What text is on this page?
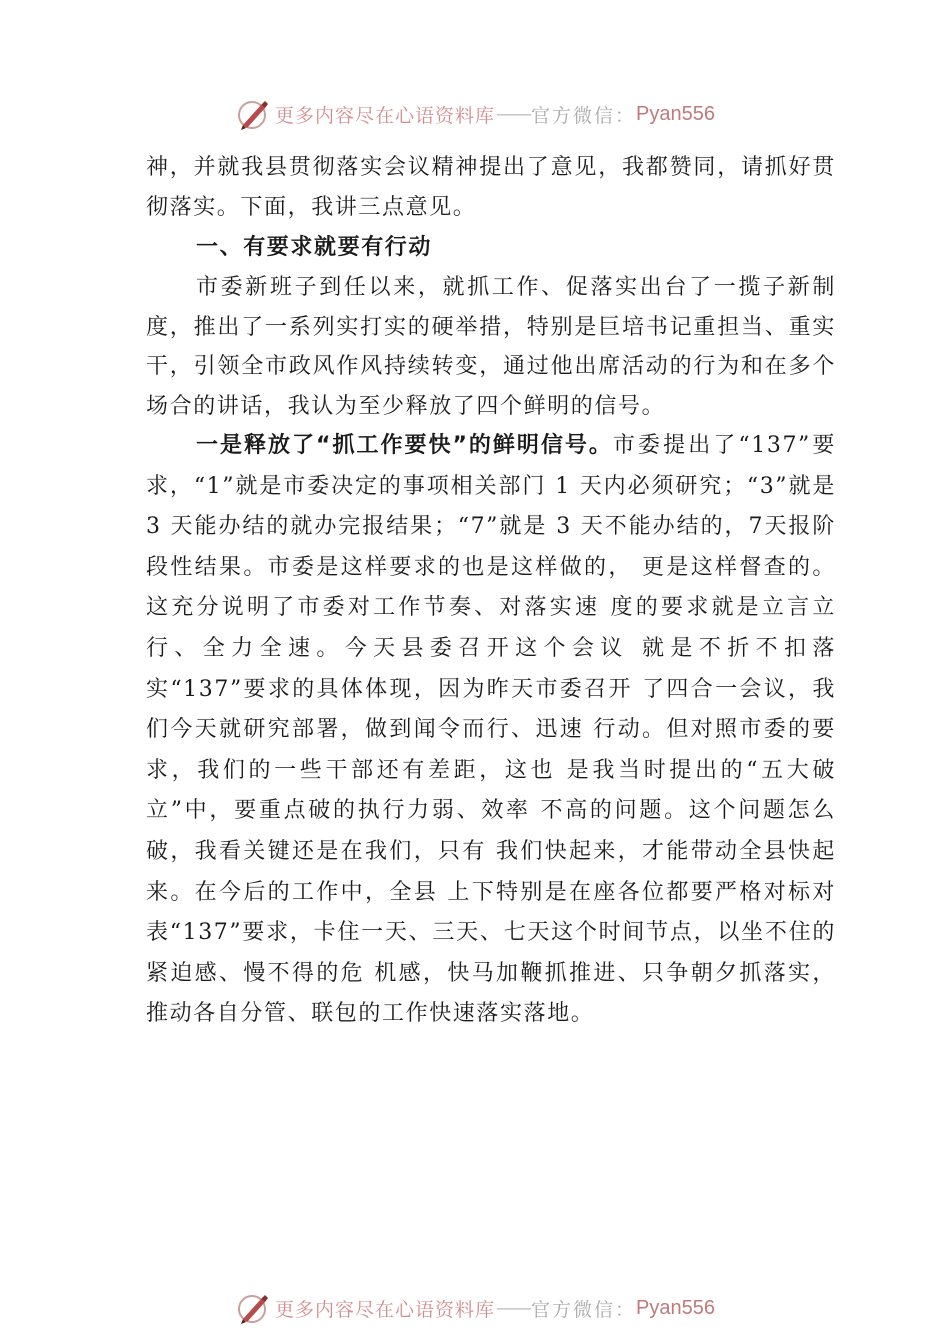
更多内容尽在心语资料库 —— 官方微信： Pyan556

神，并就我县贯彻落实会议精神提出了意见，我都赞同，请抓好贯彻落实。下面，我讲三点意见。

一、有要求就要有行动

市委新班子到任以来，就抓工作、促落实出台了一揽子新制度，推出了一系列实打实的硬举措，特别是巨培书记重担当、重实干，引领全市政风作风持续转变，通过他出席活动的行为和在多个场合的讲话，我认为至少释放了四个鲜明的信号。

一是释放了“抓工作要快”的鲜明信号。市委提出了“137”要求，“1”就是市委决定的事项相关部门 1 天内必须研究；“3”就是 3 天能办结的就办完报结果；“7”就是 3 天不能办结的，7天报阶段性结果。市委是这样要求的也是这样做的， 更是这样督查的。这充分说明了市委对工作节奏、对落实速 度的要求就是立言立行、全力全速。今天县委召开这个会议 就是不折不扣落实“137”要求的具体体现，因为昨天市委召开 了四合一会议，我们今天就研究部署，做到闻令而行、迅速 行动。但对照市委的要求，我们的一些干部还有差距，这也 是我当时提出的“五大破立”中，要重点破的执行力弱、效率 不高的问题。这个问题怎么破，我看关键还是在我们，只有 我们快起来，才能带动全县快起来。在今后的工作中，全县 上下特别是在座各位都要严格对标对表“137”要求，卡住一天、三天、七天这个时间节点，以坐不住的紧迫感、慢不得的危 机感，快马加鞭抓推进、只争朝夕抓落实，推动各自分管、联包的工作快速落实落地。

更多内容尽在心语资料库 —— 官方微信： Pyan556
